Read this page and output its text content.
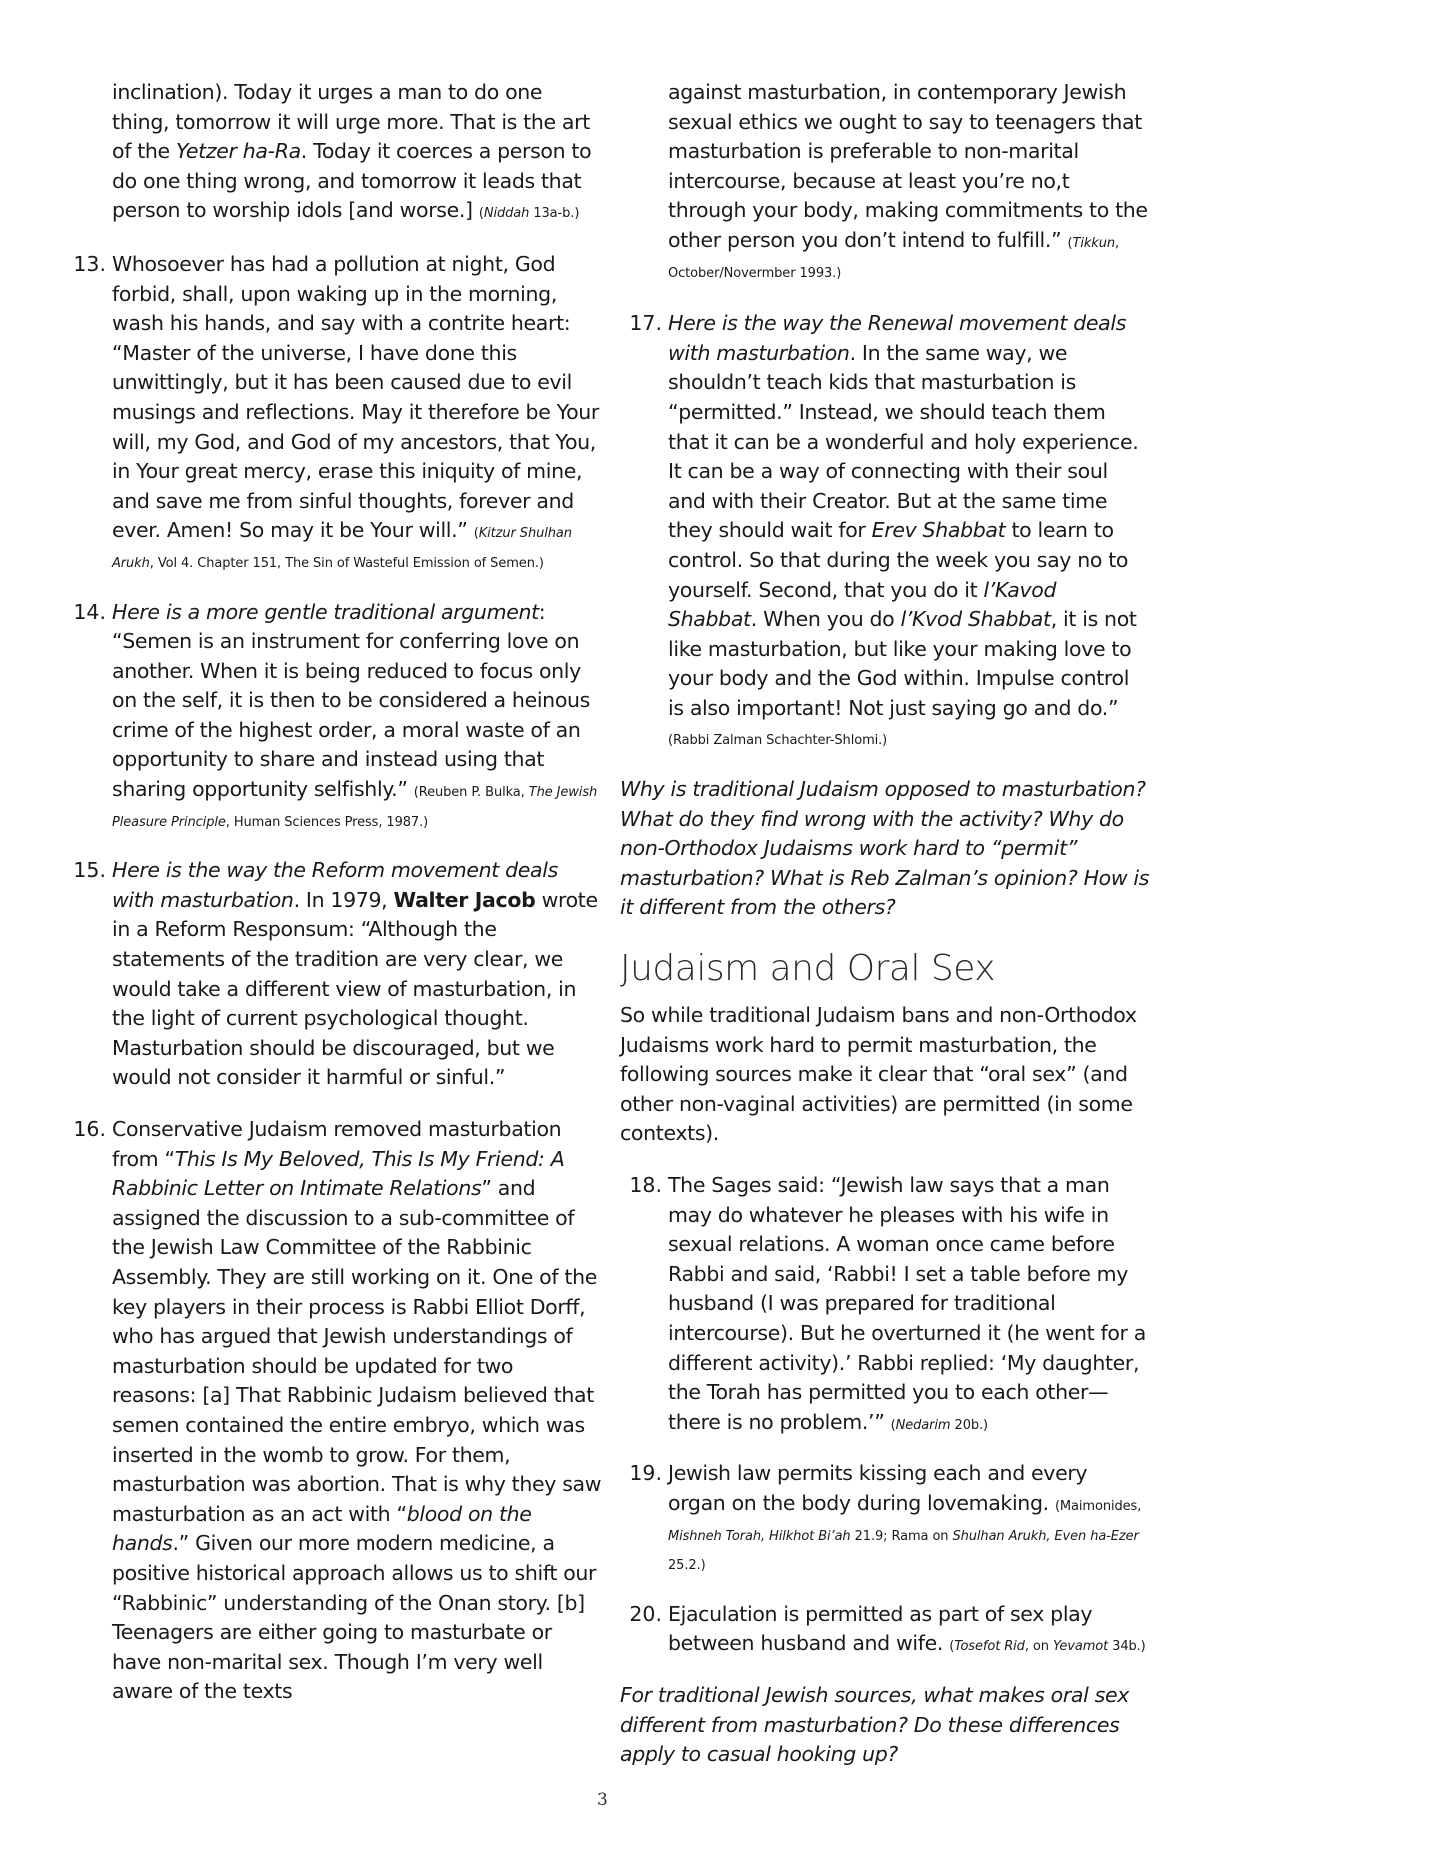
inclination). Today it urges a man to do one thing, tomorrow it will urge more. That is the art of the Yetzer ha-Ra. Today it coerces a person to do one thing wrong, and tomorrow it leads that person to worship idols [and worse.] (Niddah 13a-b.)

13. Whosoever has had a pollution at night, God forbid, shall, upon waking up in the morning, wash his hands, and say with a contrite heart: “Master of the universe, I have done this unwittingly, but it has been caused due to evil musings and reflections. May it therefore be Your will, my God, and God of my ancestors, that You, in Your great mercy, erase this iniquity of mine, and save me from sinful thoughts, forever and ever. Amen! So may it be Your will.” (Kitzur Shulhan Arukh, Vol 4. Chapter 151, The Sin of Wasteful Emission of Semen.)

14. Here is a more gentle traditional argument: “Semen is an instrument for conferring love on another. When it is being reduced to focus only on the self, it is then to be considered a heinous crime of the highest order, a moral waste of an opportunity to share and instead using that sharing opportunity selfishly.” (Reuben P. Bulka, The Jewish Pleasure Principle, Human Sciences Press, 1987.)

15. Here is the way the Reform movement deals with masturbation. In 1979, Walter Jacob wrote in a Reform Responsum: “Although the statements of the tradition are very clear, we would take a different view of masturbation, in the light of current psychological thought. Masturbation should be discouraged, but we would not consider it harmful or sinful.”

16. Conservative Judaism removed masturbation from “This Is My Beloved, This Is My Friend: A Rabbinic Letter on Intimate Relations” and assigned the discussion to a sub-committee of the Jewish Law Committee of the Rabbinic Assembly. They are still working on it. One of the key players in their process is Rabbi Elliot Dorff, who has argued that Jewish understandings of masturbation should be updated for two reasons: [a] That Rabbinic Judaism believed that semen contained the entire embryo, which was inserted in the womb to grow. For them, masturbation was abortion. That is why they saw masturbation as an act with “blood on the hands.” Given our more modern medicine, a positive historical approach allows us to shift our “Rabbinic” understanding of the Onan story. [b] Teenagers are either going to masturbate or have non-marital sex. Though I’m very well aware of the texts

against masturbation, in contemporary Jewish sexual ethics we ought to say to teenagers that masturbation is preferable to non-marital intercourse, because at least you’re no,t through your body, making commitments to the other person you don’t intend to fulfill.” (Tikkun, October/Novermber 1993.)

17. Here is the way the Renewal movement deals with masturbation. In the same way, we shouldn’t teach kids that masturbation is “permitted.” Instead, we should teach them that it can be a wonderful and holy experience. It can be a way of connecting with their soul and with their Creator. But at the same time they should wait for Erev Shabbat to learn to control. So that during the week you say no to yourself. Second, that you do it l’Kavod Shabbat. When you do l’Kvod Shabbat, it is not like masturbation, but like your making love to your body and the God within. Impulse control is also important! Not just saying go and do.” (Rabbi Zalman Schachter-Shlomi.)

Why is traditional Judaism opposed to masturbation? What do they find wrong with the activity? Why do non-Orthodox Judaisms work hard to “permit” masturbation? What is Reb Zalman’s opinion? How is it different from the others?

Judaism and Oral Sex

So while traditional Judaism bans and non-Orthodox Judaisms work hard to permit masturbation, the following sources make it clear that “oral sex” (and other non-vaginal activities) are permitted (in some contexts).

18. The Sages said: “Jewish law says that a man may do whatever he pleases with his wife in sexual relations. A woman once came before Rabbi and said, ‘Rabbi! I set a table before my husband (I was prepared for traditional intercourse). But he overturned it (he went for a different activity).’ Rabbi replied: ‘My daughter, the Torah has permitted you to each other—there is no problem.’” (Nedarim 20b.)

19. Jewish law permits kissing each and every organ on the body during lovemaking. (Maimonides, Mishneh Torah, Hilkhot Bi’ah 21.9; Rama on Shulhan Arukh, Even ha-Ezer 25.2.)

20. Ejaculation is permitted as part of sex play between husband and wife. (Tosefot Rid, on Yevamot 34b.)

For traditional Jewish sources, what makes oral sex different from masturbation? Do these differences apply to casual hooking up?

3
